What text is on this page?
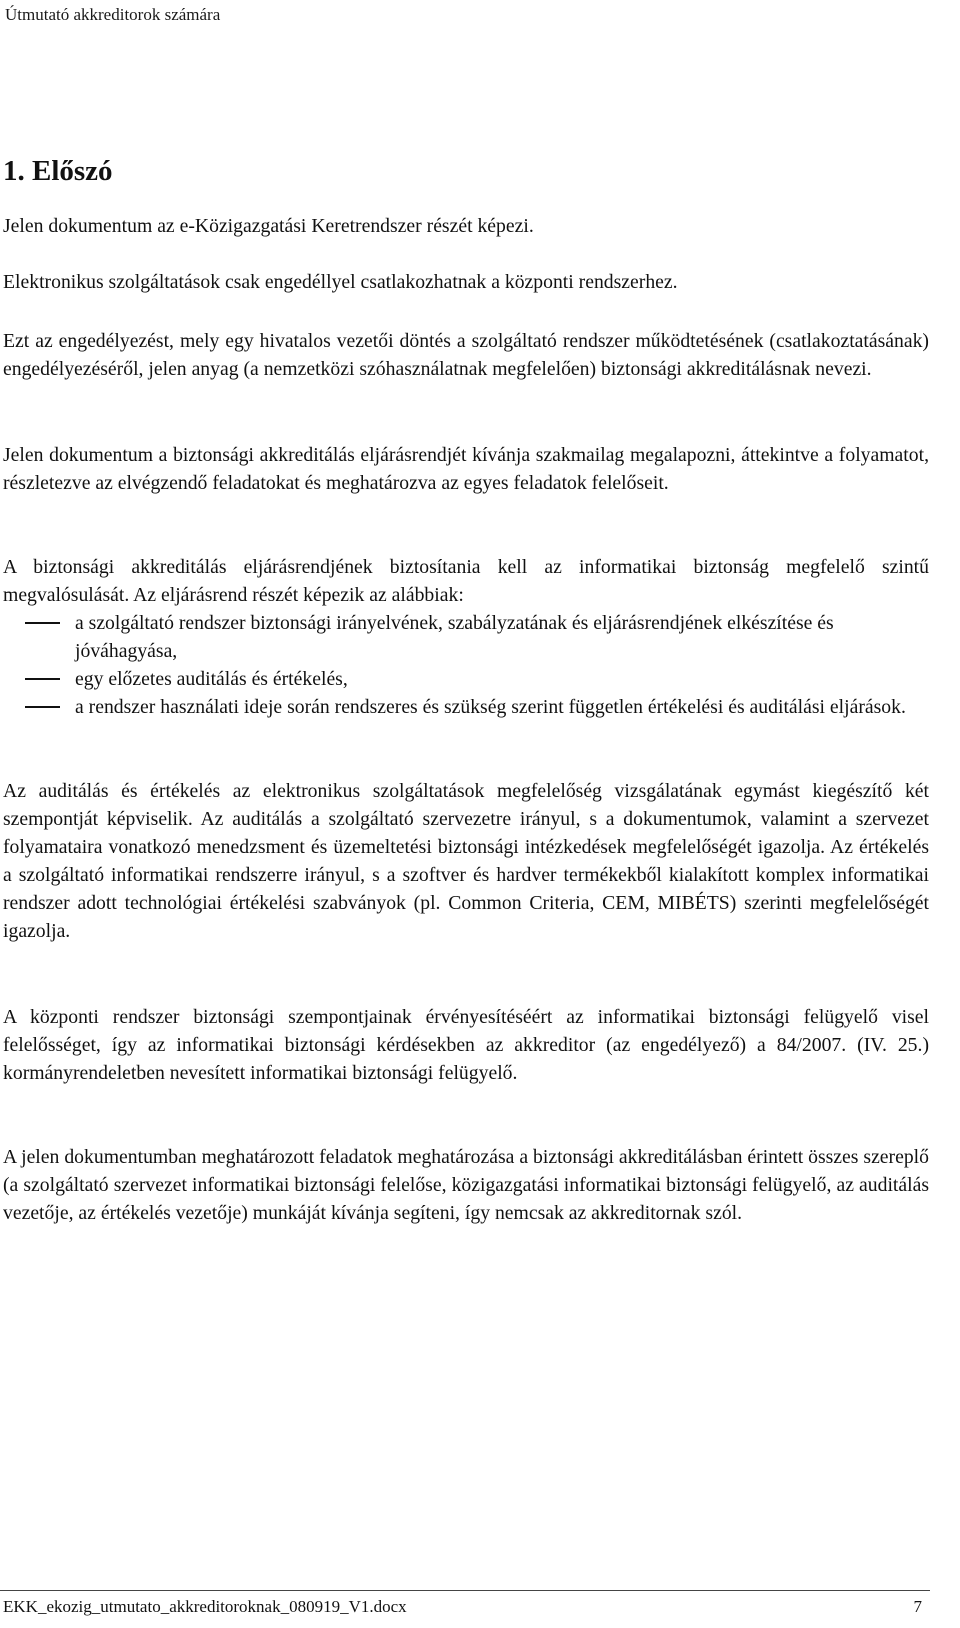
Útmutató akkreditorok számára
1. Előszó

Jelen dokumentum az e-Közigazgatási Keretrendszer részét képezi.

Elektronikus szolgáltatások csak engedéllyel csatlakozhatnak a központi rendszerhez.

Ezt az engedélyezést, mely egy hivatalos vezetői döntés a szolgáltató rendszer működtetésének (csatlakoztatásának) engedélyezéséről, jelen anyag (a nemzetközi szóhasználatnak megfelelően) biztonsági akkreditálásnak nevezi.

Jelen dokumentum a biztonsági akkreditálás eljárásrendjét kívánja szakmailag megalapozni, áttekintve a folyamatot, részletezve az elvégzendő feladatokat és meghatározva az egyes feladatok felelőseit.

A biztonsági akkreditálás eljárásrendjének biztosítania kell az informatikai biztonság megfelelő szintű megvalósulását. Az eljárásrend részét képezik az alábbiak:
a szolgáltató rendszer biztonsági irányelvének, szabályzatának és eljárásrendjének elkészítése és jóváhagyása,
egy előzetes auditálás és értékelés,
a rendszer használati ideje során rendszeres és szükség szerint független értékelési és auditálási eljárások.

Az auditálás és értékelés az elektronikus szolgáltatások megfelelőség vizsgálatának egymást kiegészítő két szempontját képviselik. Az auditálás a szolgáltató szervezetre irányul, s a dokumentumok, valamint a szervezet folyamataira vonatkozó menedzsment és üzemeltetési biztonsági intézkedések megfelelőségét igazolja. Az értékelés a szolgáltató informatikai rendszerre irányul, s a szoftver és hardver termékekből kialakított komplex informatikai rendszer adott technológiai értékelési szabványok (pl. Common Criteria, CEM, MIBÉTS) szerinti megfelelőségét igazolja.

A központi rendszer biztonsági szempontjainak érvényesítéséért az informatikai biztonsági felügyelő visel felelősséget, így az informatikai biztonsági kérdésekben az akkreditor (az engedélyező) a 84/2007. (IV. 25.) kormányrendeletben nevesített informatikai biztonsági felügyelő.

A jelen dokumentumban meghatározott feladatok meghatározása a biztonsági akkreditálásban érintett összes szereplő (a szolgáltató szervezet informatikai biztonsági felelőse, közigazgatási informatikai biztonsági felügyelő, az auditálás vezetője, az értékelés vezetője) munkáját kívánja segíteni, így nemcsak az akkreditornak szól.

EKK_ekozig_utmutato_akkreditoroknak_080919_V1.docx	7
